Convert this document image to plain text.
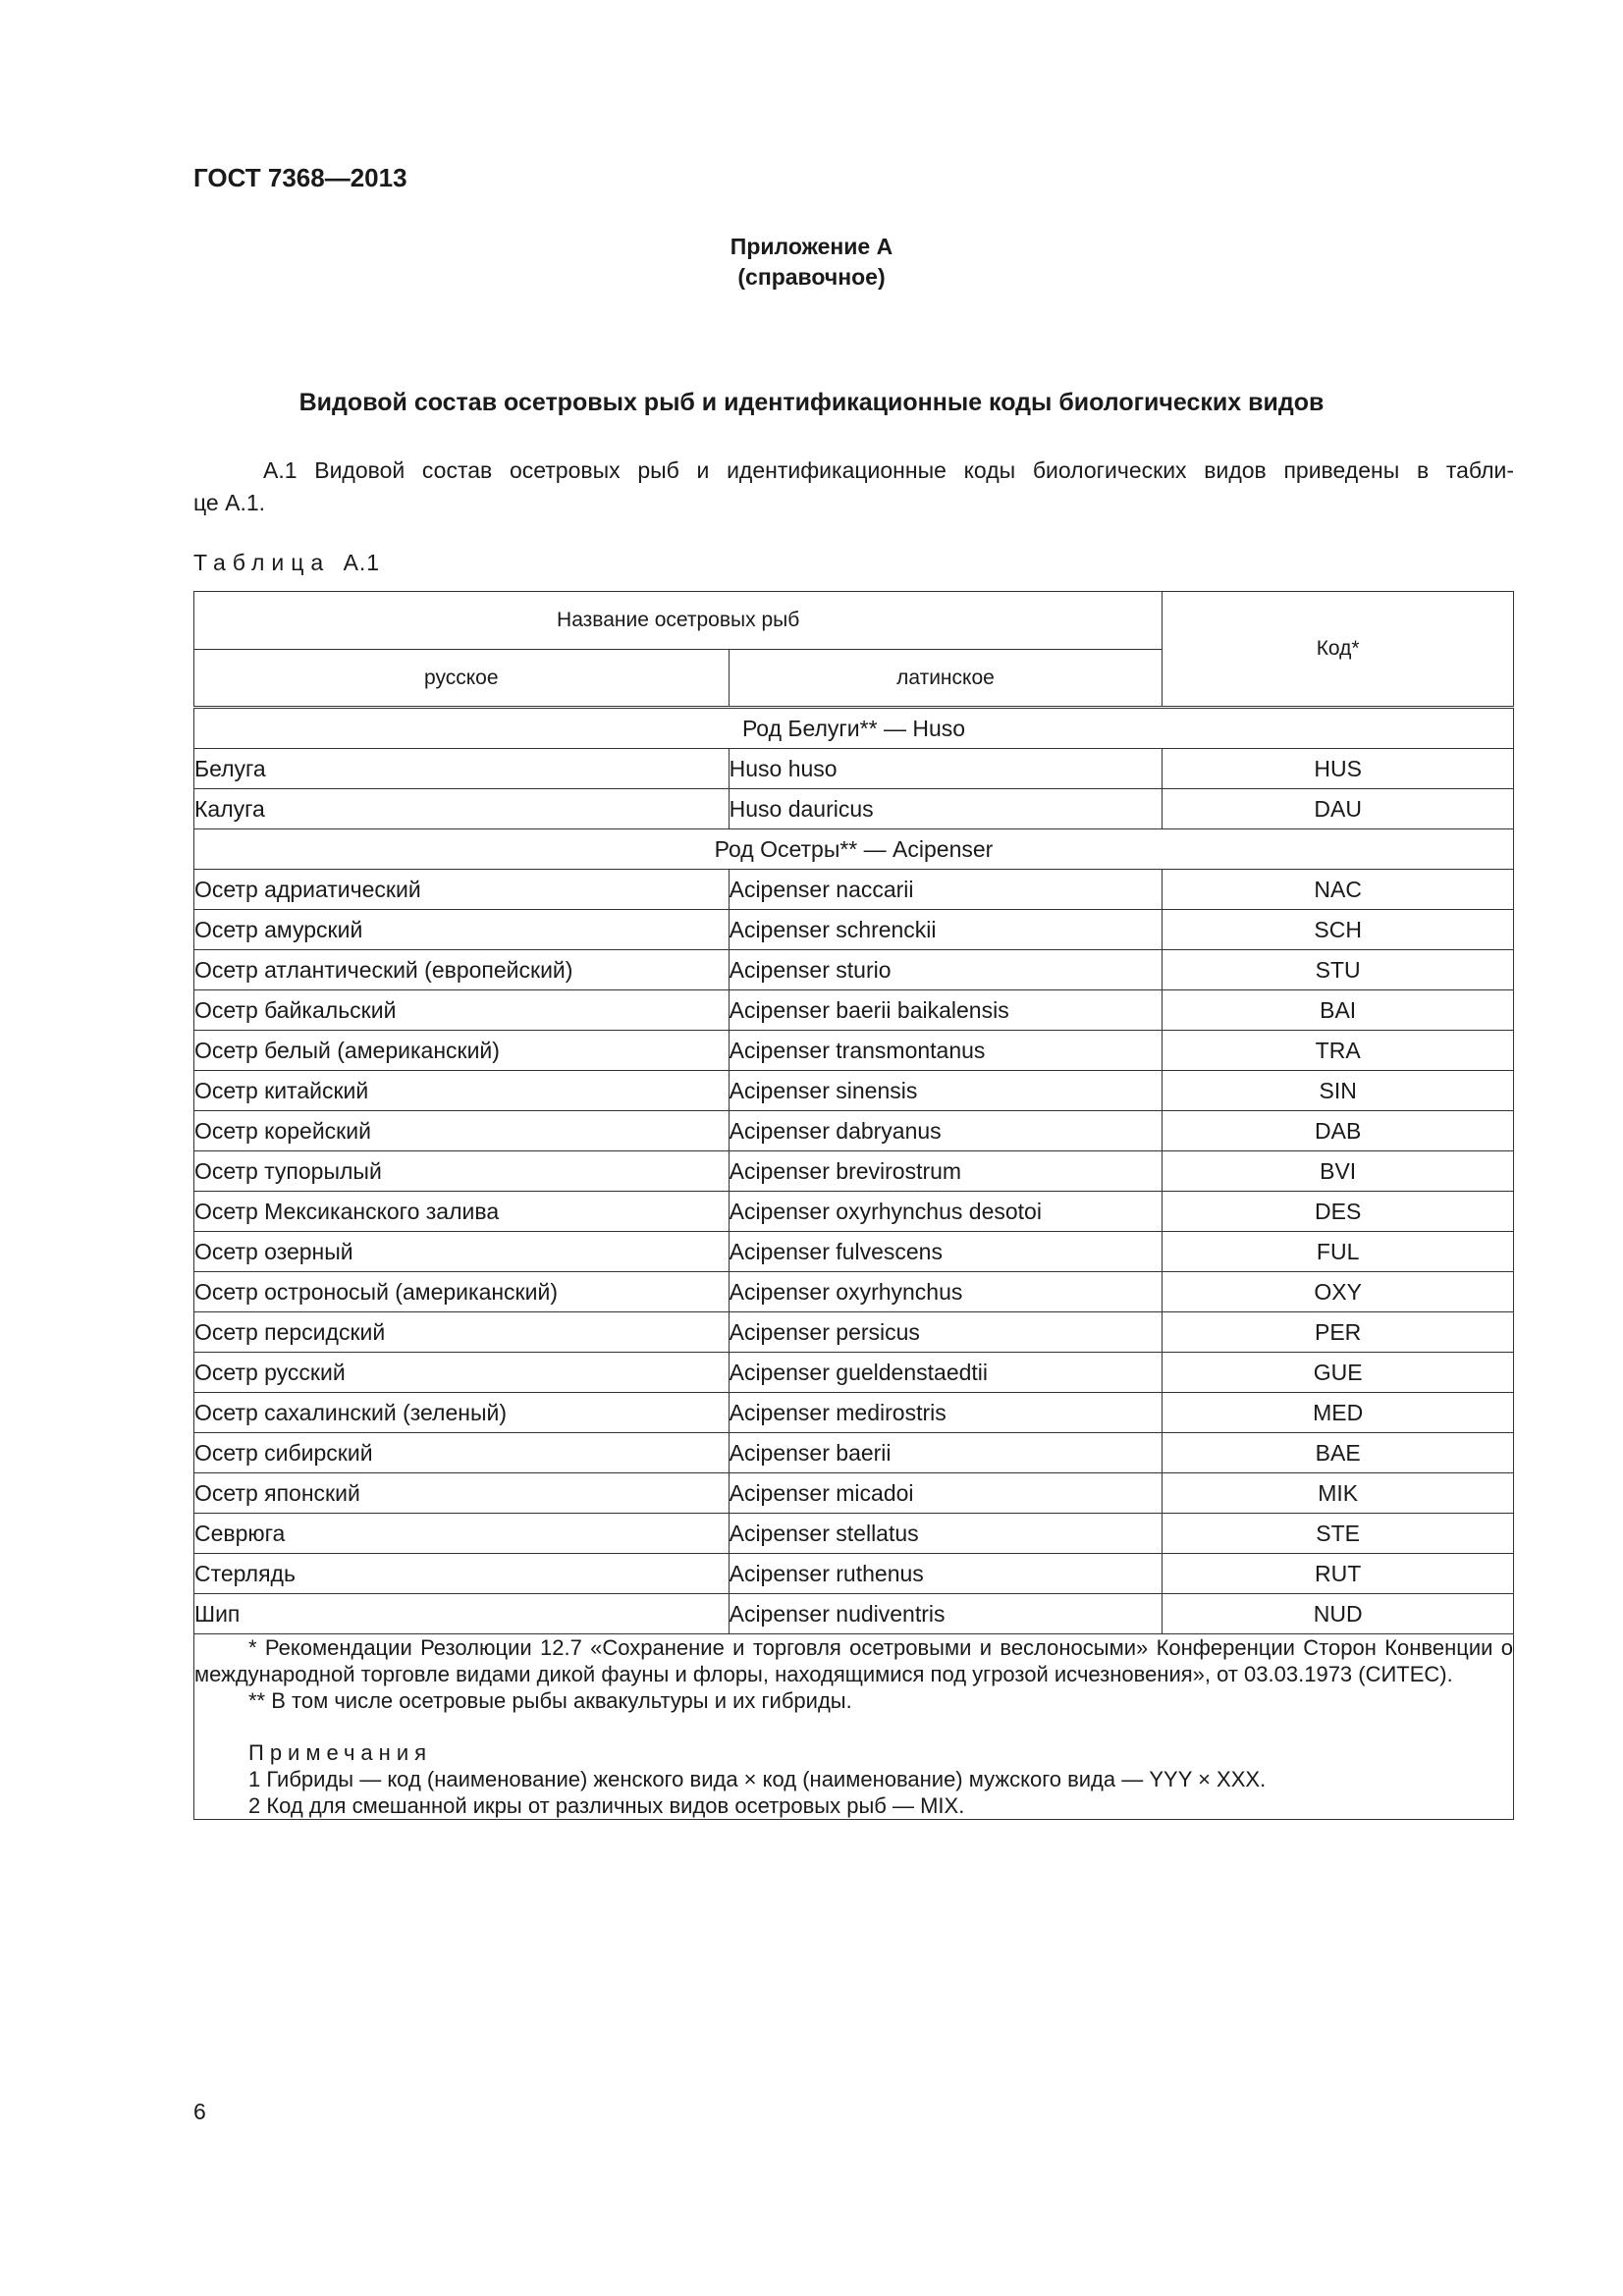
ГОСТ 7368—2013
Приложение А
(справочное)
Видовой состав осетровых рыб и идентификационные коды биологических видов
А.1 Видовой состав осетровых рыб и идентификационные коды биологических видов приведены в табли-
це А.1.
Таблица А.1
Название осетровых рыб		Код*
русское	латинское	
Род Белуги** — Huso		
Белуга	Huso huso	HUS
Калуга	Huso dauricus	DAU
Род Осетры** — Acipenser		
Осетр адриатический	Acipenser naccarii	NAC
Осетр амурский	Acipenser schrenckii	SCH
Осетр атлантический (европейский)	Acipenser sturio	STU
Осетр байкальский	Acipenser baerii baikalensis	BAI
Осетр белый (американский)	Acipenser transmontanus	TRA
Осетр китайский	Acipenser sinensis	SIN
Осетр корейский	Acipenser dabryanus	DAB
Осетр тупорылый	Acipenser brevirostrum	BVI
Осетр Мексиканского залива	Acipenser oxyrhynchus desotoi	DES
Осетр озерный	Acipenser fulvescens	FUL
Осетр остроносый (американский)	Acipenser oxyrhynchus	OXY
Осетр персидский	Acipenser persicus	PER
Осетр русский	Acipenser gueldenstaedtii	GUE
Осетр сахалинский (зеленый)	Acipenser medirostris	MED
Осетр сибирский	Acipenser baerii	BAE
Осетр японский	Acipenser micadoi	MIK
Севрюга	Acipenser stellatus	STE
Стерлядь	Acipenser ruthenus	RUT
Шип	Acipenser nudiventris	NUD

* Рекомендации Резолюции 12.7 «Сохранение и торговля осетровыми и веслоносыми» Конференции Сторон Конвенции о международной торговле видами дикой фауны и флоры, находящимися под угрозой исчезновения», от 03.03.1973 (СИТЕС).
** В том числе осетровые рыбы аквакультуры и их гибриды.
Примечания
1 Гибриды — код (наименование) женского вида × код (наименование) мужского вида — YYY × XXX.
2 Код для смешанной икры от различных видов осетровых рыб — MIX.		
6
